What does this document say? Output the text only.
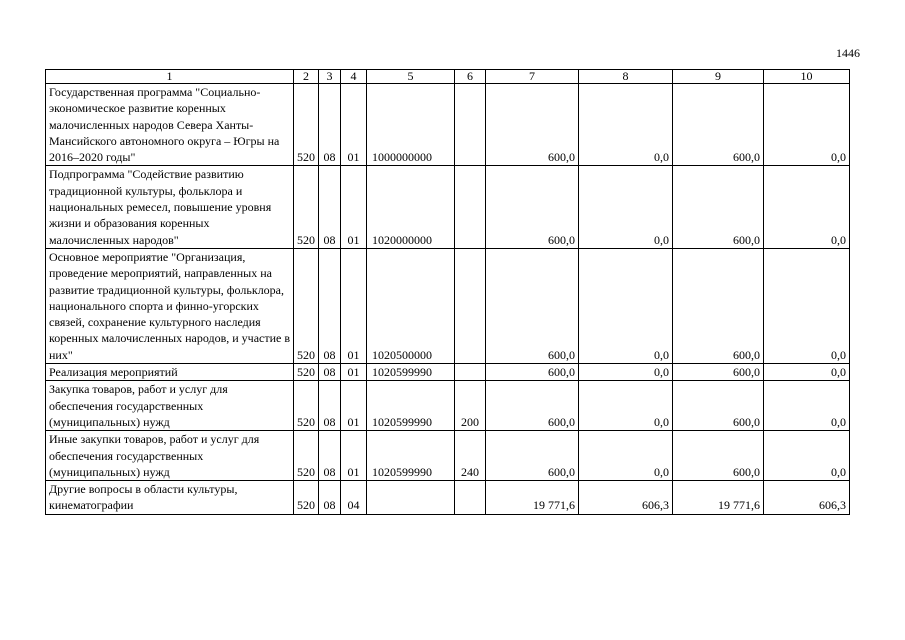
1446
1	2	3	4	5	6	7	8	9	10
Государственная программа "Социально-экономическое развитие коренных малочисленных народов Севера Ханты-Мансийского автономного округа – Югры на 2016–2020 годы"	520	08	01	1000000000		600,0	0,0	600,0	0,0
Подпрограмма "Содействие развитию традиционной культуры, фольклора и национальных ремесел, повышение уровня жизни и образования коренных малочисленных народов"	520	08	01	1020000000		600,0	0,0	600,0	0,0
Основное мероприятие "Организация, проведение мероприятий, направленных на развитие традиционной культуры, фольклора, национального спорта и финно-угорских связей, сохранение культурного наследия коренных малочисленных народов, и участие в них"	520	08	01	1020500000		600,0	0,0	600,0	0,0
Реализация мероприятий	520	08	01	1020599990		600,0	0,0	600,0	0,0
Закупка товаров, работ и услуг для обеспечения государственных (муниципальных) нужд	520	08	01	1020599990	200	600,0	0,0	600,0	0,0
Иные закупки товаров, работ и услуг для обеспечения государственных (муниципальных) нужд	520	08	01	1020599990	240	600,0	0,0	600,0	0,0
Другие вопросы в области культуры, кинематографии	520	08	04			19 771,6	606,3	19 771,6	606,3
